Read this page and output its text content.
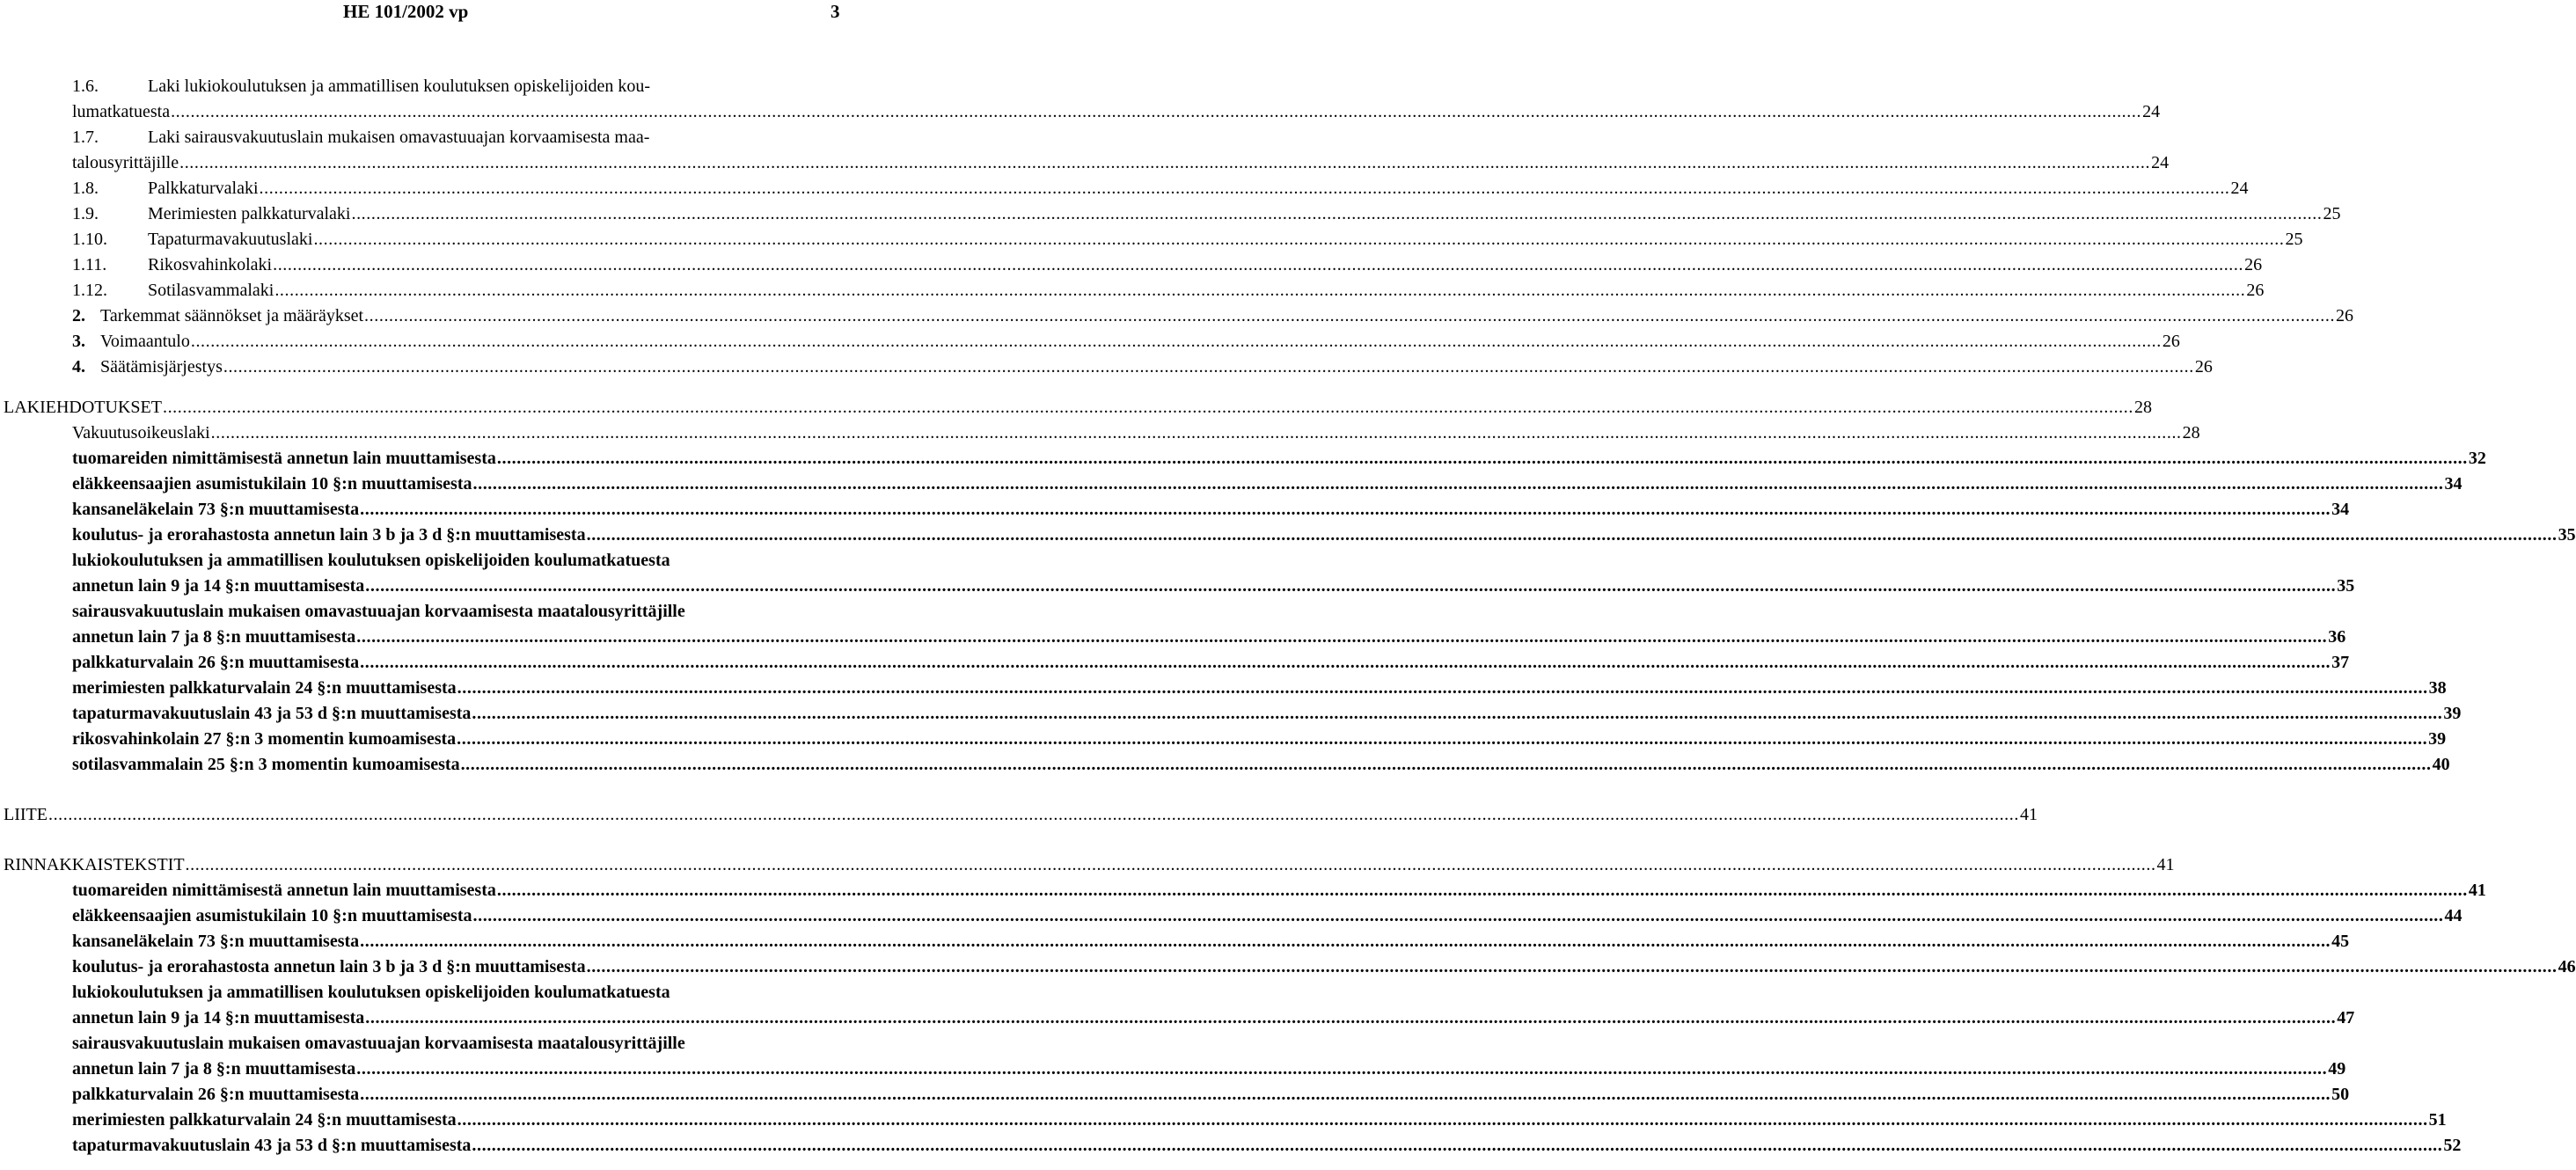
HE 101/2002 vp	3
1.6.	Laki lukiokoulutuksen ja ammatillisen koulutuksen opiskelijoiden kou-
lumatkatuesta ................................................................................................................................................................................................................................................................................................................................................................................................................ 24
1.7.	Laki sairausvakuutuslain mukaisen omavastuuajan korvaamisesta maa-
talousyrittäjille ................................................................................................................................................................................................................................................................................................................................................................................................................ 24
1.8.	Palkkaturvalaki ................................................................................................................................................................................................................................................................................................................................................................................................................ 24
1.9.	Merimiesten palkkaturvalaki ................................................................................................................................................................................................................................................................................................................................................................................................................ 25
1.10. Tapaturmavakuutuslaki ................................................................................................................................................................................................................................................................................................................................................................................................................ 25
1.11. Rikosvahinkolaki ................................................................................................................................................................................................................................................................................................................................................................................................................ 26
1.12. Sotilasvammalaki ................................................................................................................................................................................................................................................................................................................................................................................................................ 26
2. Tarkemmat säännökset ja määräykset ................................................................................................................................................................................................................................................................................................................................................................................................................ 26
3. Voimaantulo ................................................................................................................................................................................................................................................................................................................................................................................................................ 26
4. Säätämisjärjestys ................................................................................................................................................................................................................................................................................................................................................................................................................ 26
LAKIEHDOTUKSET ................................................................................................................................................................................................................................................................................................................................................................................................................ 28
Vakuutusoikeuslaki ................................................................................................................................................................................................................................................................................................................................................................................................................ 28
tuomareiden nimittämisestä annetun lain muuttamisesta ................................................................................................................................................................................................................................................................................................................................................................................................................ 32
eläkkeensaajien asumistukilain 10 §:n muuttamisesta ................................................................................................................................................................................................................................................................................................................................................................................................................ 34
kansaneläkelain 73 §:n muuttamisesta ................................................................................................................................................................................................................................................................................................................................................................................................................ 34
koulutus- ja erorahastosta annetun lain 3 b ja 3 d §:n muuttamisesta ................................................................................................................................................................................................................................................................................................................................................................................................................ 35
lukiokoulutuksen ja ammatillisen koulutuksen opiskelijoiden koulumatkatuesta
annetun lain 9 ja 14 §:n muuttamisesta ................................................................................................................................................................................................................................................................................................................................................................................................................ 35
sairausvakuutuslain mukaisen omavastuuajan korvaamisesta maatalousyrittäjille
annetun lain 7 ja 8 §:n muuttamisesta ................................................................................................................................................................................................................................................................................................................................................................................................................ 36
palkkaturvalain 26 §:n muuttamisesta ................................................................................................................................................................................................................................................................................................................................................................................................................ 37
merimiesten palkkaturvalain 24 §:n muuttamisesta ................................................................................................................................................................................................................................................................................................................................................................................................................ 38
tapaturmavakuutuslain 43 ja 53 d §:n muuttamisesta ................................................................................................................................................................................................................................................................................................................................................................................................................ 39
rikosvahinkolain 27 §:n 3 momentin kumoamisesta ................................................................................................................................................................................................................................................................................................................................................................................................................ 39
sotilasvammalain 25 §:n 3 momentin kumoamisesta ................................................................................................................................................................................................................................................................................................................................................................................................................ 40
LIITE ................................................................................................................................................................................................................................................................................................................................................................................................................ 41
RINNAKKAISTEKSTIT ................................................................................................................................................................................................................................................................................................................................................................................................................ 41
tuomareiden nimittämisestä annetun lain muuttamisesta ................................................................................................................................................................................................................................................................................................................................................................................................................ 41
eläkkeensaajien asumistukilain 10 §:n muuttamisesta ................................................................................................................................................................................................................................................................................................................................................................................................................ 44
kansaneläkelain 73 §:n muuttamisesta ................................................................................................................................................................................................................................................................................................................................................................................................................ 45
koulutus- ja erorahastosta annetun lain 3 b ja 3 d §:n muuttamisesta ................................................................................................................................................................................................................................................................................................................................................................................................................ 46
lukiokoulutuksen ja ammatillisen koulutuksen opiskelijoiden koulumatkatuesta
annetun lain 9 ja 14 §:n muuttamisesta ................................................................................................................................................................................................................................................................................................................................................................................................................ 47
sairausvakuutuslain mukaisen omavastuuajan korvaamisesta maatalousyrittäjille
annetun lain 7 ja 8 §:n muuttamisesta ................................................................................................................................................................................................................................................................................................................................................................................................................ 49
palkkaturvalain 26 §:n muuttamisesta ................................................................................................................................................................................................................................................................................................................................................................................................................ 50
merimiesten palkkaturvalain 24 §:n muuttamisesta ................................................................................................................................................................................................................................................................................................................................................................................................................ 51
tapaturmavakuutuslain 43 ja 53 d §:n muuttamisesta ................................................................................................................................................................................................................................................................................................................................................................................................................ 52
